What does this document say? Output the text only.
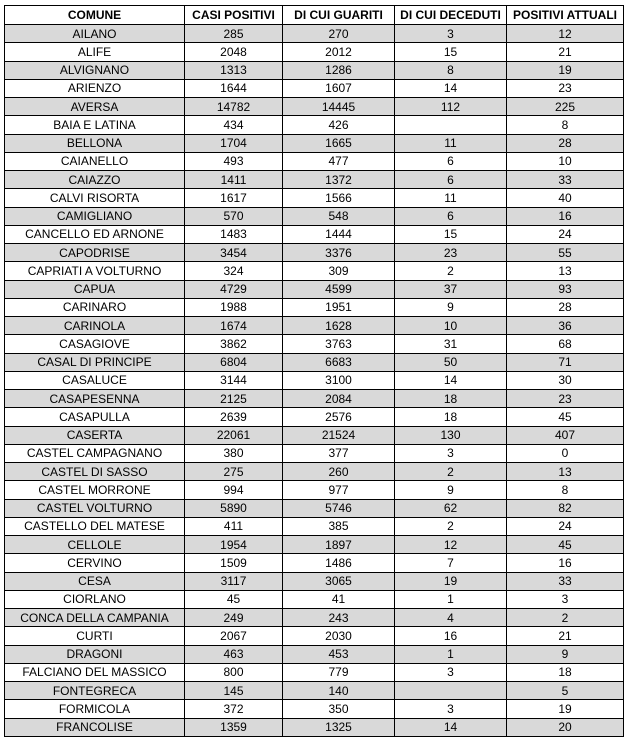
COMUNE	CASI POSITIVI	DI CUI GUARITI	DI CUI DECEDUTI	POSITIVI ATTUALI
AILANO	285	270	3	12
ALIFE	2048	2012	15	21
ALVIGNANO	1313	1286	8	19
ARIENZO	1644	1607	14	23
AVERSA	14782	14445	112	225
BAIA E LATINA	434	426		8
BELLONA	1704	1665	11	28
CAIANELLO	493	477	6	10
CAIAZZO	1411	1372	6	33
CALVI RISORTA	1617	1566	11	40
CAMIGLIANO	570	548	6	16
CANCELLO ED ARNONE	1483	1444	15	24
CAPODRISE	3454	3376	23	55
CAPRIATI A VOLTURNO	324	309	2	13
CAPUA	4729	4599	37	93
CARINARO	1988	1951	9	28
CARINOLA	1674	1628	10	36
CASAGIOVE	3862	3763	31	68
CASAL DI PRINCIPE	6804	6683	50	71
CASALUCE	3144	3100	14	30
CASAPESENNA	2125	2084	18	23
CASAPULLA	2639	2576	18	45
CASERTA	22061	21524	130	407
CASTEL CAMPAGNANO	380	377	3	0
CASTEL DI SASSO	275	260	2	13
CASTEL MORRONE	994	977	9	8
CASTEL VOLTURNO	5890	5746	62	82
CASTELLO DEL MATESE	411	385	2	24
CELLOLE	1954	1897	12	45
CERVINO	1509	1486	7	16
CESA	3117	3065	19	33
CIORLANO	45	41	1	3
CONCA DELLA CAMPANIA	249	243	4	2
CURTI	2067	2030	16	21
DRAGONI	463	453	1	9
FALCIANO DEL MASSICO	800	779	3	18
FONTEGRECA	145	140		5
FORMICOLA	372	350	3	19
FRANCOLISE	1359	1325	14	20
